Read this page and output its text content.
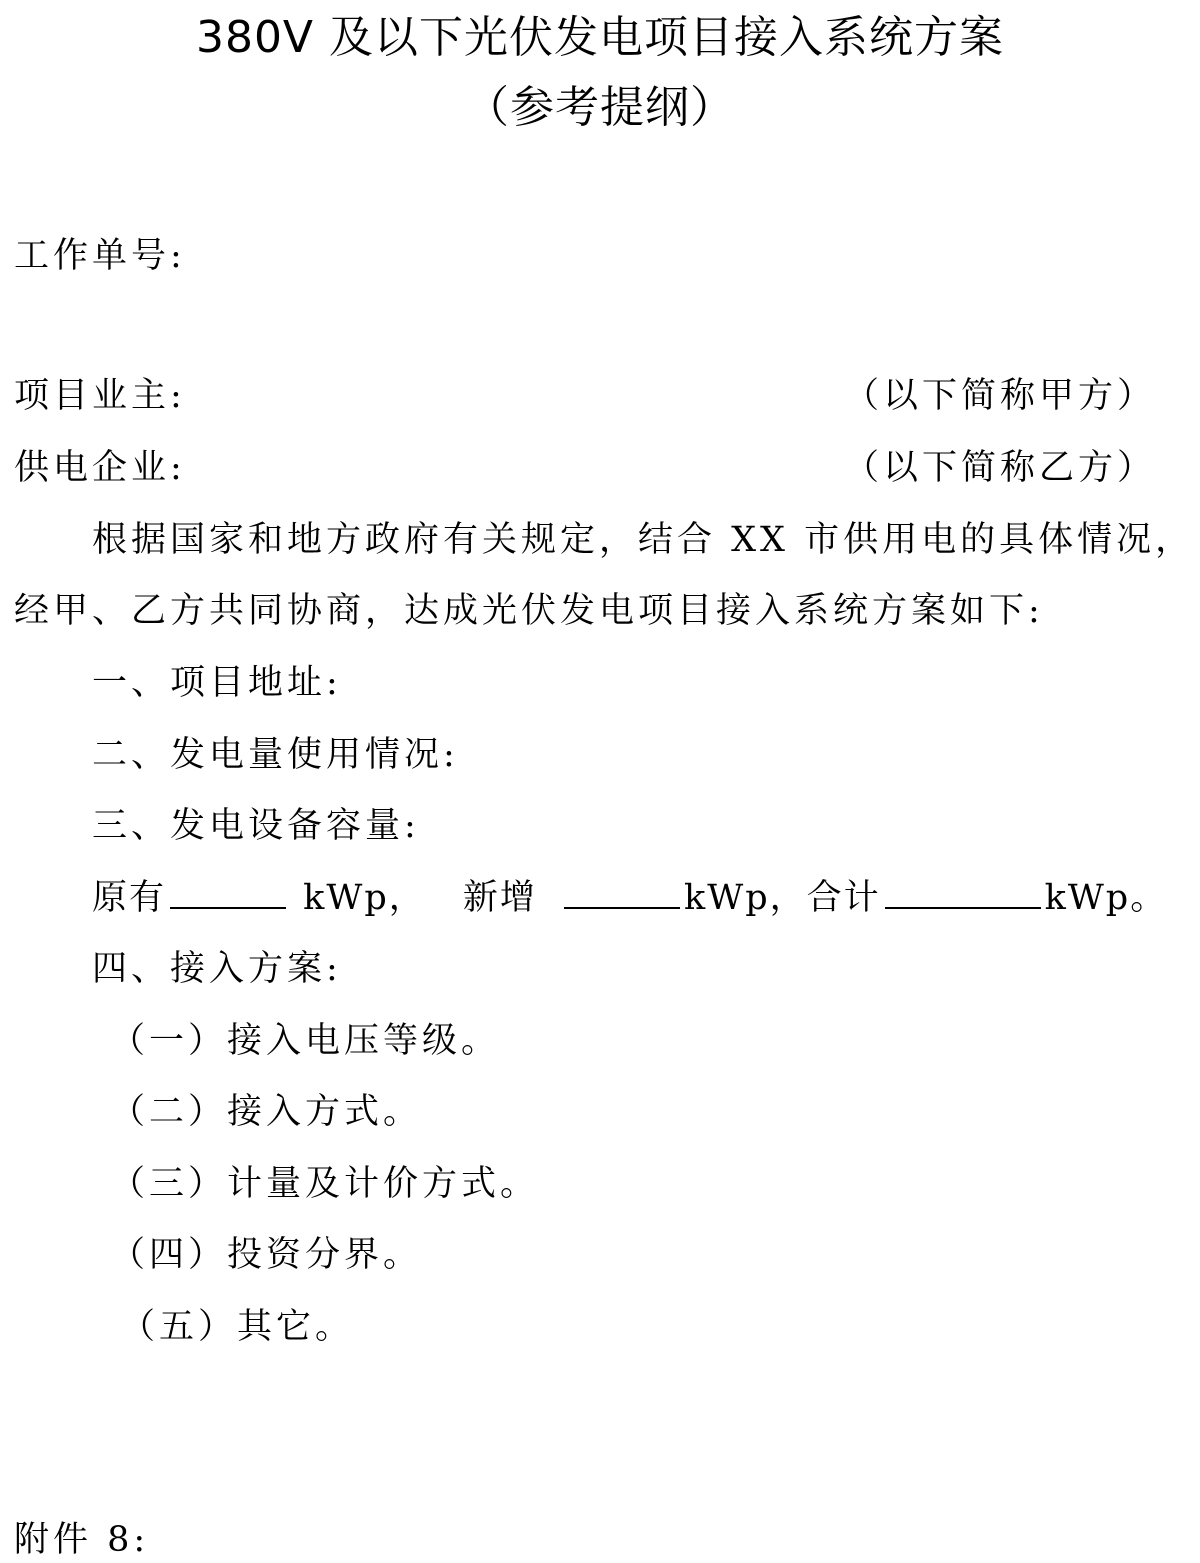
380V 及以下光伏发电项目接入系统方案
（参考提纲）
工作单号:
项目业主:	（以下简称甲方）
供电企业:	（以下简称乙方）
根据国家和地方政府有关规定，结合 XX 市供用电的具体情况，
经甲、乙方共同协商，达成光伏发电项目接入系统方案如下:
一、项目地址:
二、发电量使用情况:
三、发电设备容量:
原有	kWp， 新增	kWp，合计	kWp。
四、接入方案:
（一）接入电压等级。
（二）接入方式。
（三）计量及计价方式。
（四）投资分界。
（五）其它。
附件 8:
